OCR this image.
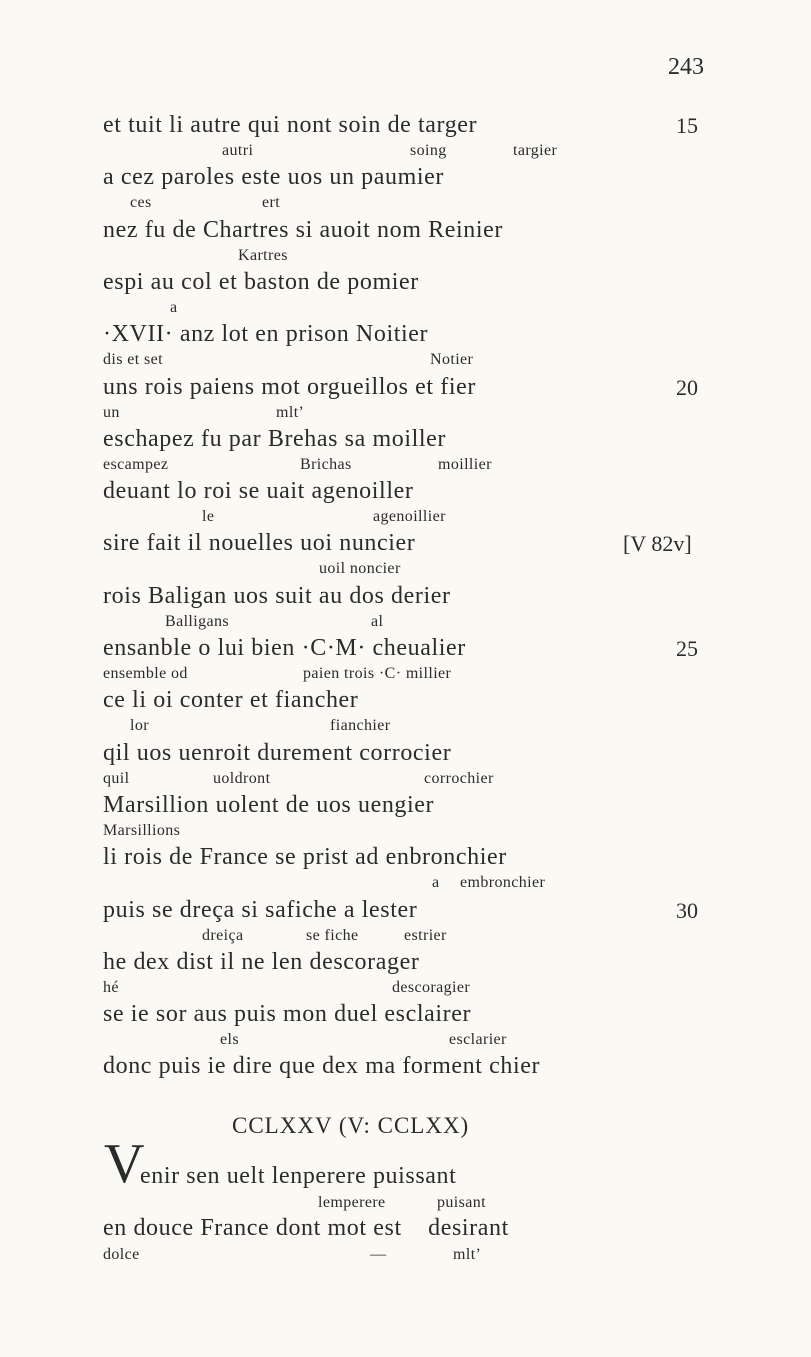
243
et tuit li autre qui nont soin de targer	15
autri	soing	targier
a cez paroles este uos un paumier
ces	ert
nez fu de Chartres si auoit nom Reinier
Kartres
espi au col et baston de pomier
a
·XVII· anz lot en prison Noitier
dis et set	Notier
uns rois paiens mot orgueillos et fier	20
un	mlt’
eschapez fu par Brehas sa moiller
escampez	Brichas	moillier
deuant lo roi se uait agenoiller
le	agenoillier
sire fait il nouelles uoi nuncier	[V 82v]
uoil noncier
rois Baligan uos suit au dos derier
Balligans	al
ensanble o lui bien ·C·M· cheualier	25
ensemble od	paien trois ·C· millier
ce li oi conter et fiancher
lor	fianchier
qil uos uenroit durement corrocier
quil	uoldront	corrochier
Marsillion uolent de uos uengier
Marsillions
li rois de France se prist ad enbronchier
a embronchier
puis se dreça si safiche a lester	30
dreiça	se fiche	estrier
he dex dist il ne len descorager
hé	descoragier
se ie sor aus puis mon duel esclairer
els	esclarier
donc puis ie dire que dex ma forment chier
CCLXXV (V: CCLXX)
V
enir sen uelt lenperere puissant
lemperere	puisant
en douce France dont mot est    desirant
dolce	—	mlt’
